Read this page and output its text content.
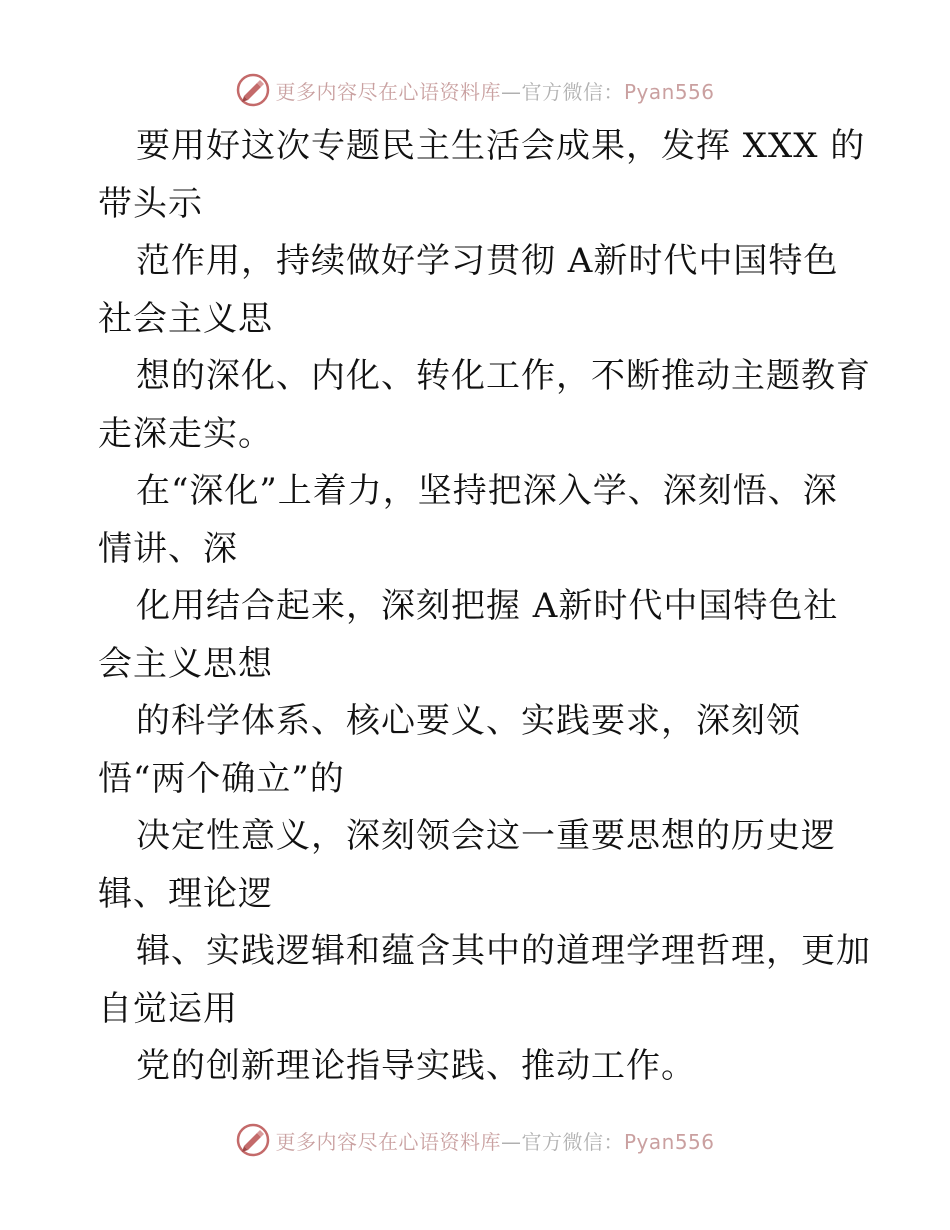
更多内容尽在心语资料库—官方微信：Pyan556
要用好这次专题民主生活会成果，发挥 XXX 的
带头示
范作用，持续做好学习贯彻 A新时代中国特色
社会主义思
想的深化、内化、转化工作，不断推动主题教育
走深走实。
在“深化”上着力，坚持把深入学、深刻悟、深
情讲、深
化用结合起来，深刻把握 A新时代中国特色社
会主义思想
的科学体系、核心要义、实践要求，深刻领
悟“两个确立”的
决定性意义，深刻领会这一重要思想的历史逻
辑、理论逻
辑、实践逻辑和蕴含其中的道理学理哲理，更加
自觉运用
党的创新理论指导实践、推动工作。
更多内容尽在心语资料库—官方微信：Pyan556
